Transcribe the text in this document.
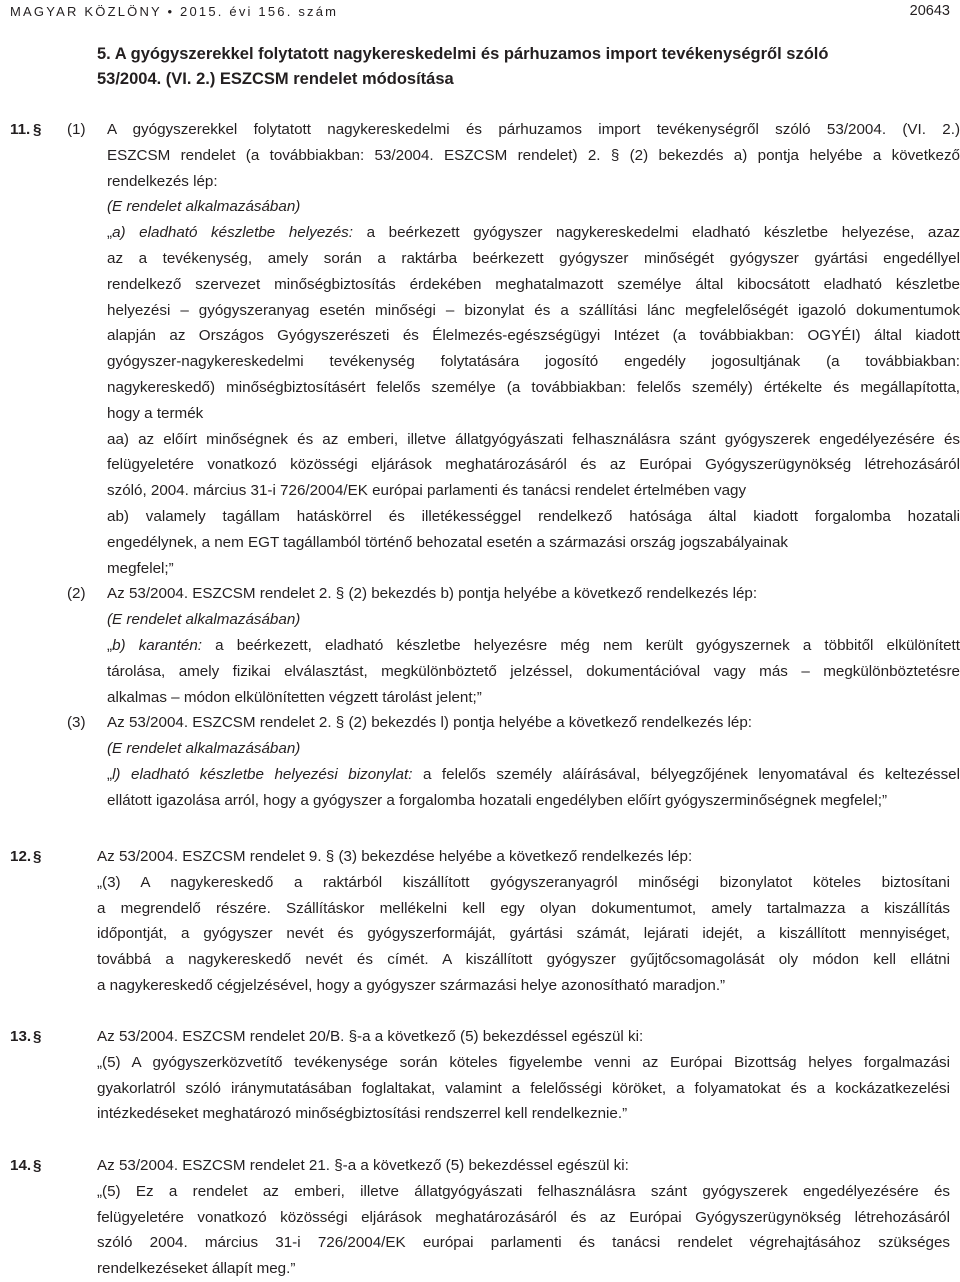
MAGYAR KÖZLÖNY • 2015. évi 156. szám	20643
5. A gyógyszerekkel folytatott nagykereskedelmi és párhuzamos import tevékenységről szóló
53/2004. (VI. 2.) ESZCSM rendelet módosítása
11. § (1) A gyógyszerekkel folytatott nagykereskedelmi és párhuzamos import tevékenységről szóló 53/2004. (VI. 2.)
ESZCSM rendelet (a továbbiakban: 53/2004. ESZCSM rendelet) 2. § (2) bekezdés a) pontja helyébe a következő
rendelkezés lép:
(E rendelet alkalmazásában)
„a) eladható készletbe helyezés: a beérkezett gyógyszer nagykereskedelmi eladható készletbe helyezése, azaz
az a tevékenység, amely során a raktárba beérkezett gyógyszer minőségét gyógyszer gyártási engedéllyel
rendelkező szervezet minőségbiztosítás érdekében meghatalmazott személye által kibocsátott eladható készletbe
helyezési – gyógyszeranyag esetén minőségi – bizonylat és a szállítási lánc megfelelőségét igazoló dokumentumok
alapján az Országos Gyógyszerészeti és Élelmezés-egészségügyi Intézet (a továbbiakban: OGYÉI) által kiadott
gyógyszer-nagykereskedelmi tevékenység folytatására jogosító engedély jogosultjának (a továbbiakban:
nagykereskedő) minőségbiztosításért felelős személye (a továbbiakban: felelős személy) értékelte és megállapította,
hogy a termék
aa) az előírt minőségnek és az emberi, illetve állatgyógyászati felhasználásra szánt gyógyszerek engedélyezésére és
felügyeletére vonatkozó közösségi eljárások meghatározásáról és az Európai Gyógyszerügynökség létrehozásáról
szóló, 2004. március 31-i 726/2004/EK európai parlamenti és tanácsi rendelet értelmében vagy
ab) valamely tagállam hatáskörrel és illetékességgel rendelkező hatósága által kiadott forgalomba hozatali
engedélynek, a nem EGT tagállamból történő behozatal esetén a származási ország jogszabályainak
megfelel;”
(2) Az 53/2004. ESZCSM rendelet 2. § (2) bekezdés b) pontja helyébe a következő rendelkezés lép:
(E rendelet alkalmazásában)
„b) karantén: a beérkezett, eladható készletbe helyezésre még nem került gyógyszernek a többitől elkülönített
tárolása, amely fizikai elválasztást, megkülönböztető jelzéssel, dokumentációval vagy más – megkülönböztetésre
alkalmas – módon elkülönítetten végzett tárolást jelent;”
(3) Az 53/2004. ESZCSM rendelet 2. § (2) bekezdés l) pontja helyébe a következő rendelkezés lép:
(E rendelet alkalmazásában)
„l) eladható készletbe helyezési bizonylat: a felelős személy aláírásával, bélyegzőjének lenyomatával és keltezéssel
ellátott igazolása arról, hogy a gyógyszer a forgalomba hozatali engedélyben előírt gyógyszerminőségnek megfelel;”
12. §	Az 53/2004. ESZCSM rendelet 9. § (3) bekezdése helyébe a következő rendelkezés lép:
„(3) A nagykereskedő a raktárból kiszállított gyógyszeranyagról minőségi bizonylatot köteles biztosítani
a megrendelő részére. Szállításkor mellékelni kell egy olyan dokumentumot, amely tartalmazza a kiszállítás
időpontját, a gyógyszer nevét és gyógyszerformáját, gyártási számát, lejárati idejét, a kiszállított mennyiséget,
továbbá a nagykereskedő nevét és címét. A kiszállított gyógyszer gyűjtőcsomagolását oly módon kell ellátni
a nagykereskedő cégjelzésével, hogy a gyógyszer származási helye azonosítható maradjon.”
13. §	Az 53/2004. ESZCSM rendelet 20/B. §-a a következő (5) bekezdéssel egészül ki:
„(5) A gyógyszerközvetítő tevékenysége során köteles figyelembe venni az Európai Bizottság helyes forgalmazási
gyakorlatról szóló iránymutatásában foglaltakat, valamint a felelősségi köröket, a folyamatokat és a kockázatkezelési
intézkedéseket meghatározó minőségbiztosítási rendszerrel kell rendelkeznie.”
14. §	Az 53/2004. ESZCSM rendelet 21. §-a a következő (5) bekezdéssel egészül ki:
„(5) Ez a rendelet az emberi, illetve állatgyógyászati felhasználásra szánt gyógyszerek engedélyezésére és
felügyeletére vonatkozó közösségi eljárások meghatározásáról és az Európai Gyógyszerügynökség létrehozásáról
szóló 2004. március 31-i 726/2004/EK európai parlamenti és tanácsi rendelet végrehajtásához szükséges
rendelkezéseket állapít meg.”
